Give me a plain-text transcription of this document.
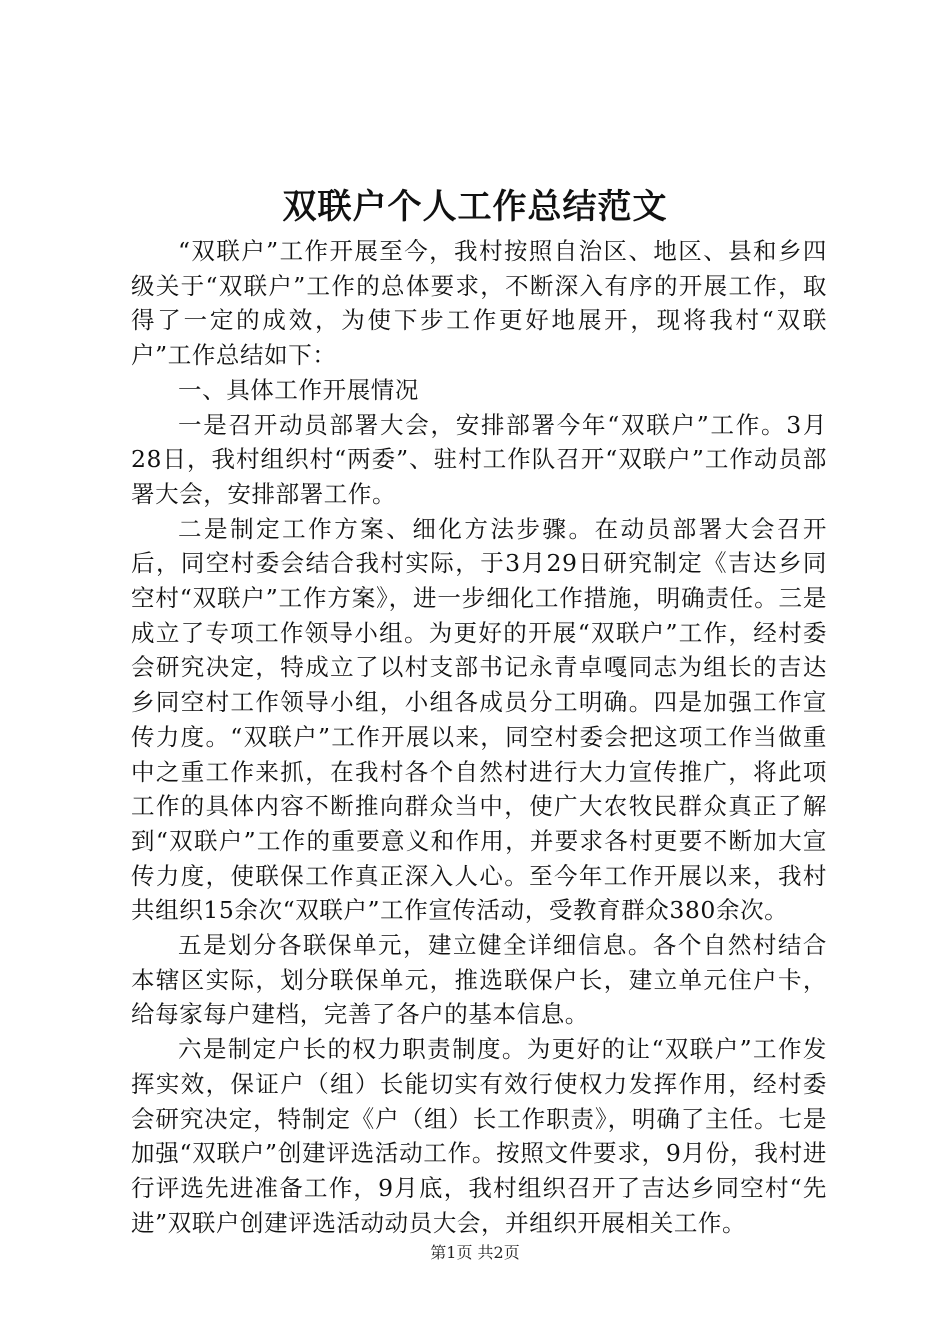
双联户个人工作总结范文

“双联户”工作开展至今，我村按照自治区、地区、县和乡四级关于“双联户”工作的总体要求，不断深入有序的开展工作，取得了一定的成效，为使下步工作更好地展开，现将我村“双联户”工作总结如下：

一、具体工作开展情况

一是召开动员部署大会，安排部署今年“双联户”工作。3月28日，我村组织村“两委”、驻村工作队召开“双联户”工作动员部署大会，安排部署工作。

二是制定工作方案、细化方法步骤。在动员部署大会召开后，同空村委会结合我村实际，于3月29日研究制定《吉达乡同空村“双联户”工作方案》，进一步细化工作措施，明确责任。三是成立了专项工作领导小组。为更好的开展“双联户”工作，经村委会研究决定，特成立了以村支部书记永青卓嘎同志为组长的吉达乡同空村工作领导小组，小组各成员分工明确。四是加强工作宣传力度。“双联户”工作开展以来，同空村委会把这项工作当做重中之重工作来抓，在我村各个自然村进行大力宣传推广，将此项工作的具体内容不断推向群众当中，使广大农牧民群众真正了解到“双联户”工作的重要意义和作用，并要求各村更要不断加大宣传力度，使联保工作真正深入人心。至今年工作开展以来，我村共组织15余次“双联户”工作宣传活动，受教育群众380余次。

五是划分各联保单元，建立健全详细信息。各个自然村结合本辖区实际，划分联保单元，推选联保户长，建立单元住户卡，给每家每户建档，完善了各户的基本信息。

六是制定户长的权力职责制度。为更好的让“双联户”工作发挥实效，保证户（组）长能切实有效行使权力发挥作用，经村委会研究决定，特制定《户（组）长工作职责》，明确了主任。七是加强“双联户”创建评选活动工作。按照文件要求，9月份，我村进行评选先进准备工作，9月底，我村组织召开了吉达乡同空村“先进”双联户创建评选活动动员大会，并组织开展相关工作。

第1页 共2页
